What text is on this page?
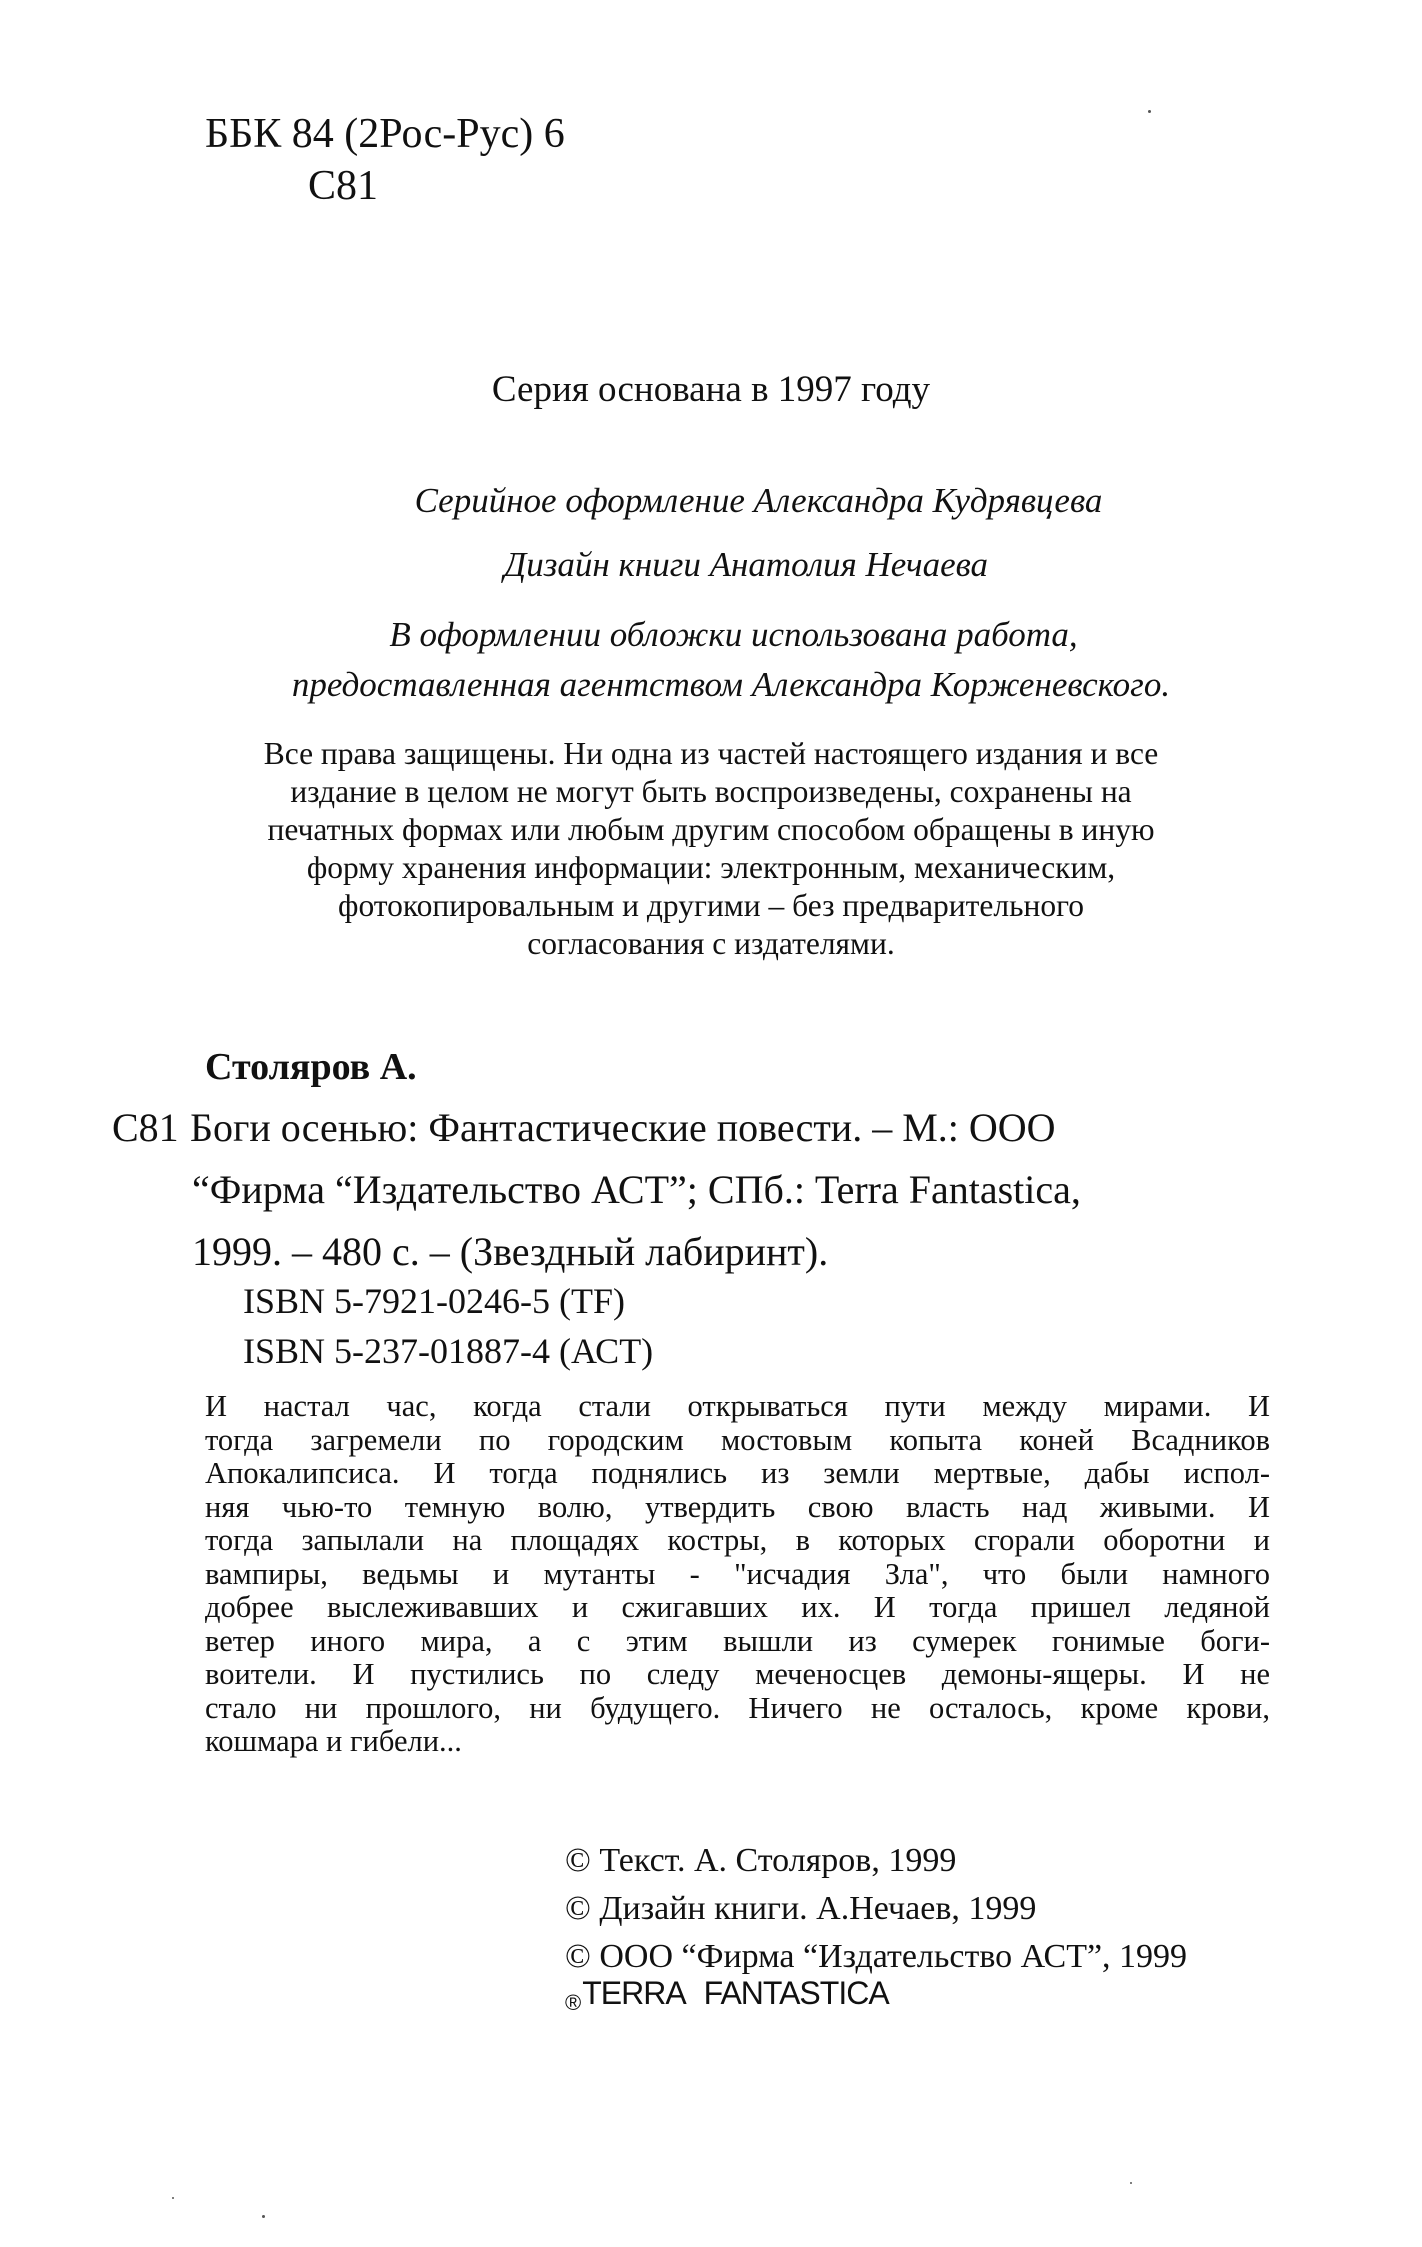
ББК 84 (2Рос-Рус) 6
С81
Серия основана в 1997 году
Серийное оформление Александра Кудрявцева
Дизайн книги Анатолия Нечаева
В оформлении обложки использована работа,
предоставленная агентством Александра Корженевского.
Все права защищены. Ни одна из частей настоящего издания и все
издание в целом не могут быть воспроизведены, сохранены на
печатных формах или любым другим способом обращены в иную
форму хранения информации: электронным, механическим,
фотокопировальным и другими – без предварительного
согласования с издателями.
Столяров А.
С81 Боги осенью: Фантастические повести. – М.: ООО
“Фирма “Издательство АСТ”; СПб.: Terra Fantastica,
1999. – 480 с. – (Звездный лабиринт).
ISBN 5-7921-0246-5 (TF)
ISBN 5-237-01887-4 (АСТ)
И настал час, когда стали открываться пути между мирами. И
тогда загремели по городским мостовым копыта коней Всадников
Апокалипсиса. И тогда поднялись из земли мертвые, дабы испол-
няя чью-то темную волю, утвердить свою власть над живыми. И
тогда запылали на площадях костры, в которых сгорали оборотни и
вампиры, ведьмы и мутанты - "исчадия Зла", что были намного
добрее выслеживавших и сжигавших их. И тогда пришел ледяной
ветер иного мира, а с этим вышли из сумерек гонимые боги-
воители. И пустились по следу меченосцев демоны-ящеры. И не
стало ни прошлого, ни будущего. Ничего не осталось, кроме крови,
кошмара и гибели...
© Текст. А. Столяров, 1999
© Дизайн книги. А.Нечаев, 1999
© ООО “Фирма “Издательство АСТ”, 1999
®TERRA FANTASTICA
